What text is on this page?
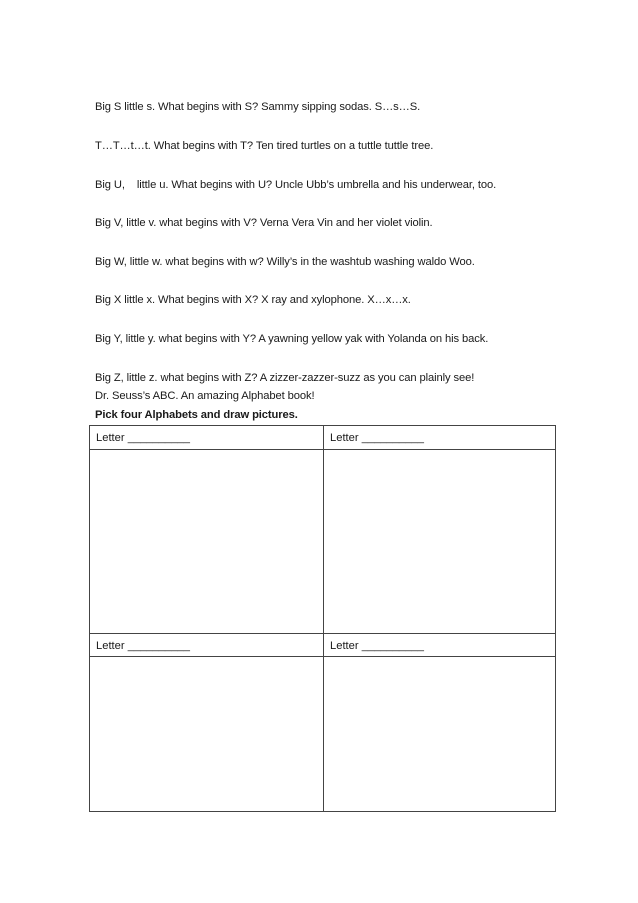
Big S little s. What begins with S? Sammy sipping sodas. S…s…S.
T…T…t…t. What begins with T? Ten tired turtles on a tuttle tuttle tree.
Big U,    little u. What begins with U? Uncle Ubb’s umbrella and his underwear, too.
Big V, little v. what begins with V? Verna Vera Vin and her violet violin.
Big W, little w. what begins with w? Willy’s in the washtub washing waldo Woo.
Big X little x. What begins with X? X ray and xylophone. X…x…x.
Big Y, little y. what begins with Y? A yawning yellow yak with Yolanda on his back.
Big Z, little z. what begins with Z? A zizzer-zazzer-suzz as you can plainly see!
Dr. Seuss’s ABC. An amazing Alphabet book!
Pick four Alphabets and draw pictures.
Letter __________	Letter __________
Letter __________	Letter __________
